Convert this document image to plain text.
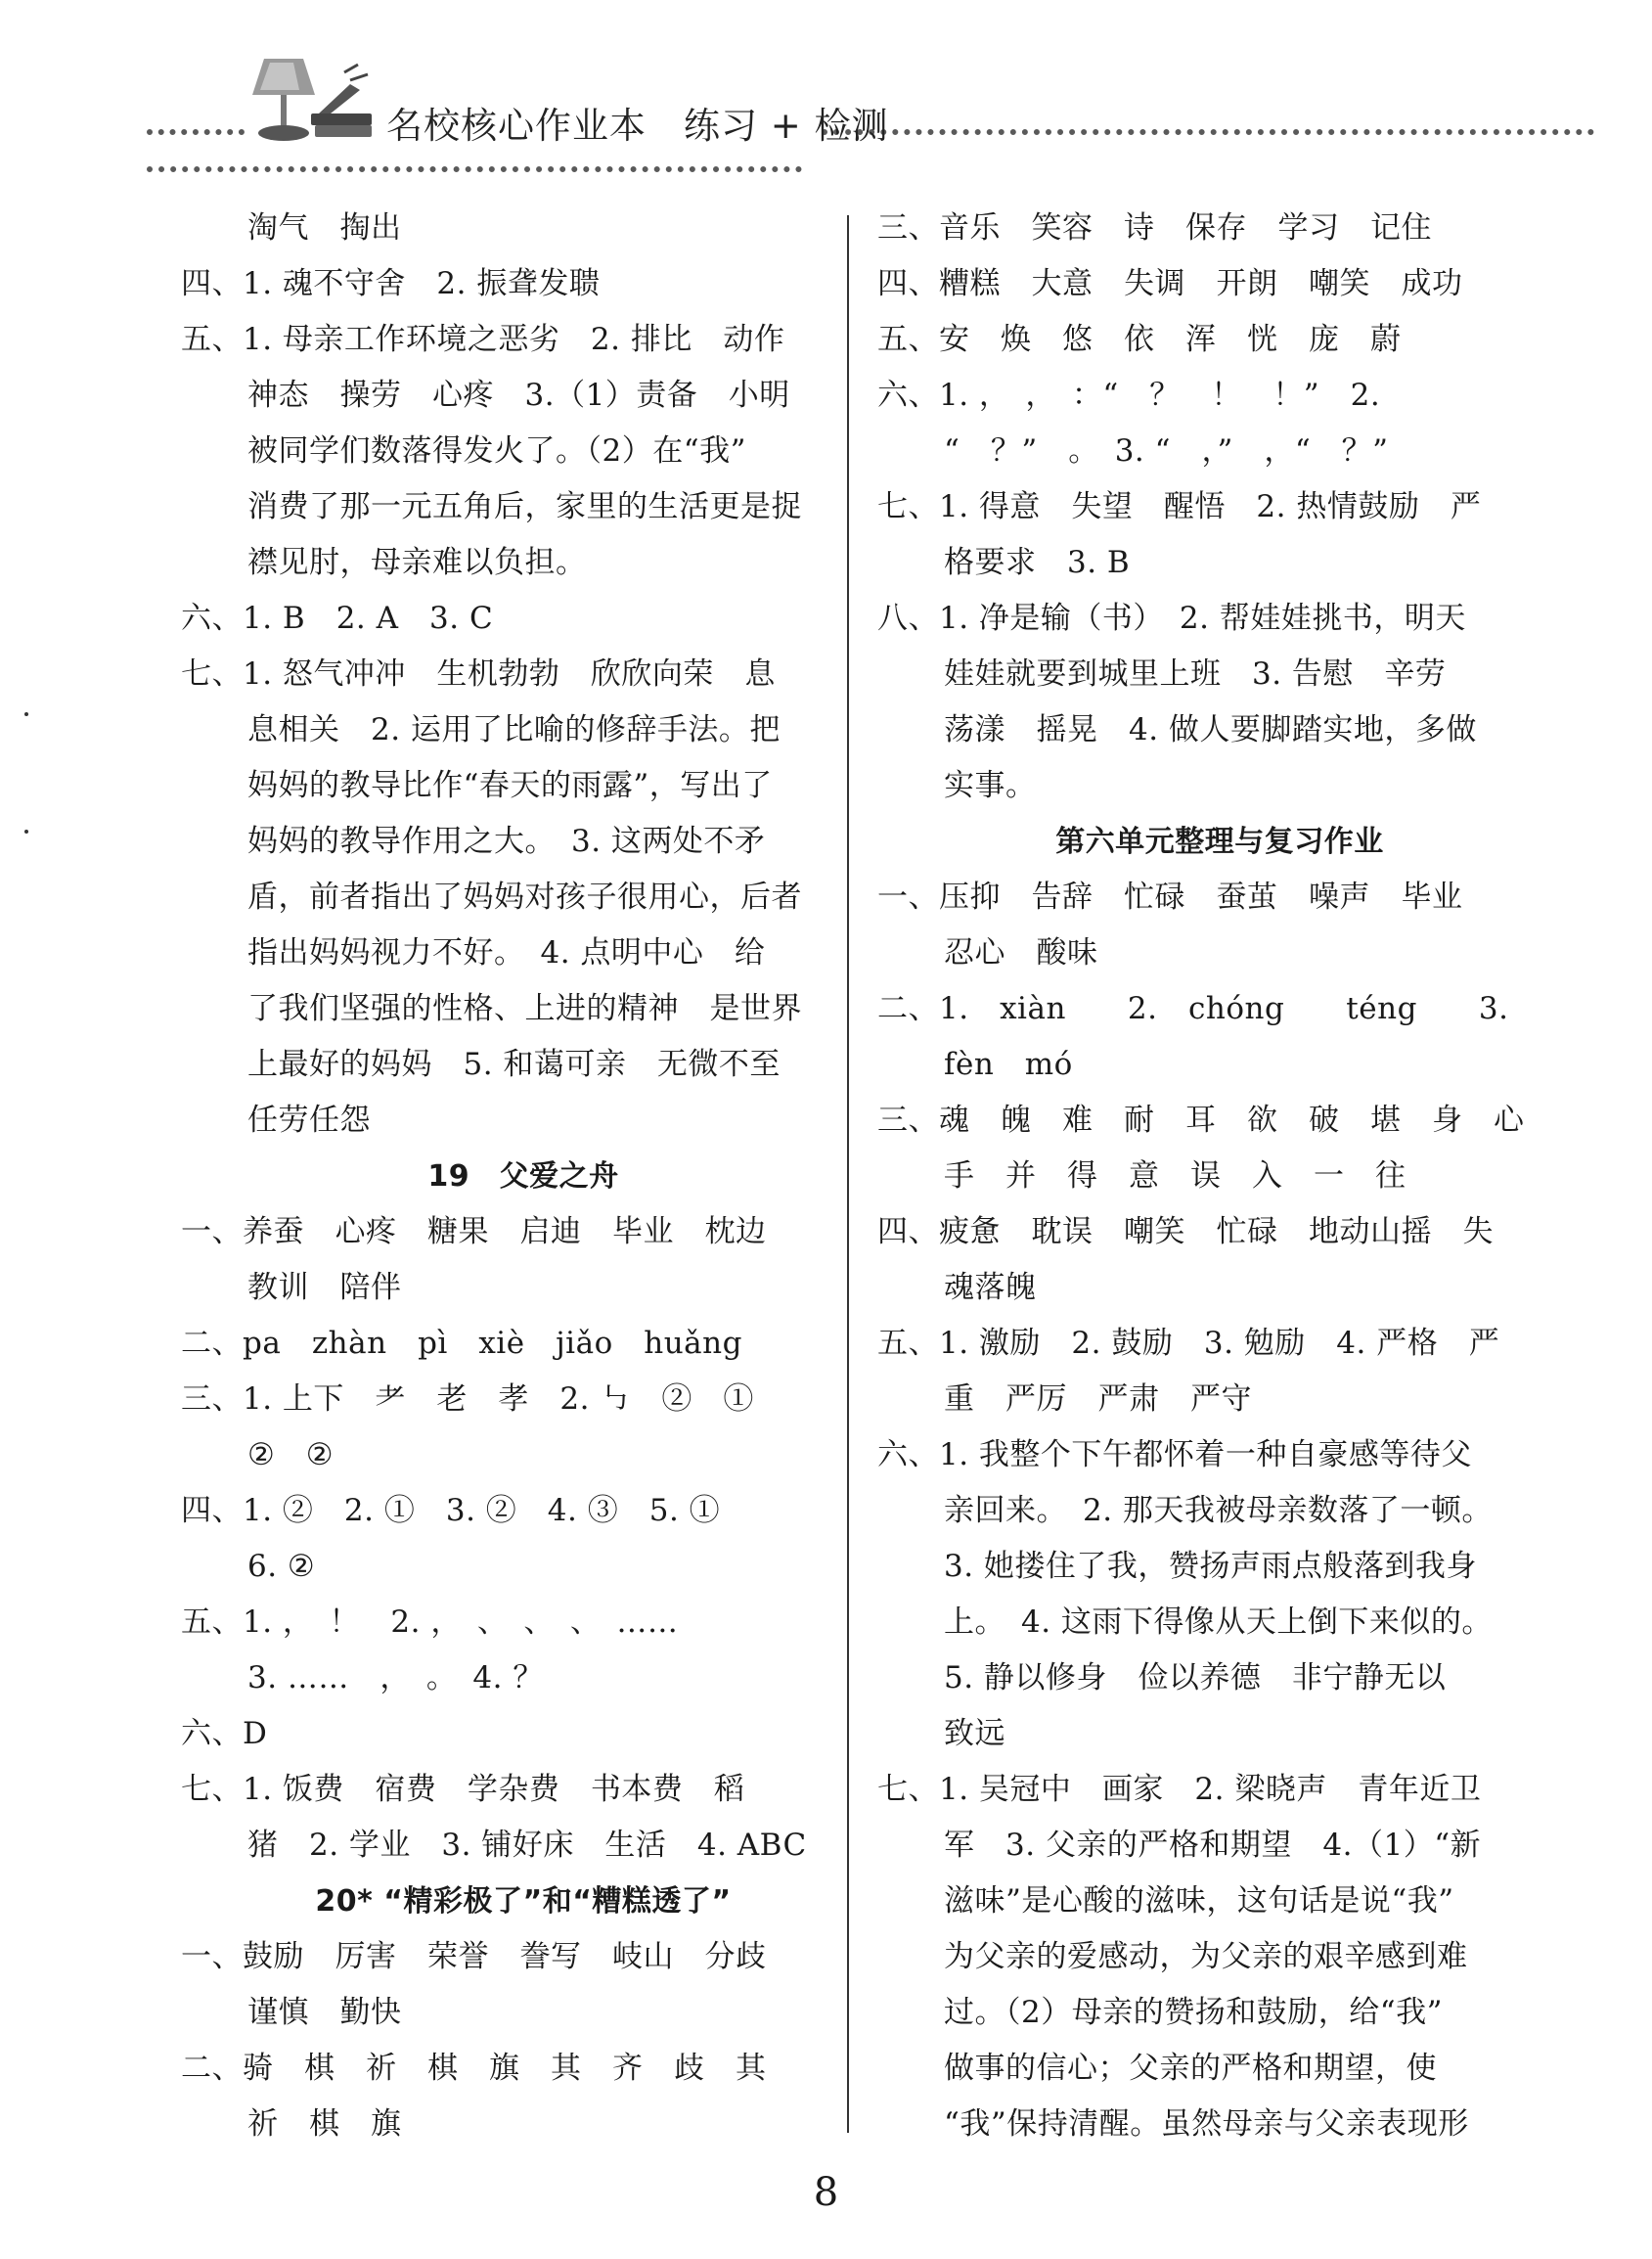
名校核心作业本　练习 + 检测
淘气　掏出
四、1. 魂不守舍　2. 振聋发聩
五、1. 母亲工作环境之恶劣　2. 排比　动作
神态　操劳　心疼　3.（1）责备　小明
被同学们数落得发火了。（2）在“我”
消费了那一元五角后，家里的生活更是捉
襟见肘，母亲难以负担。
六、1. B　2. A　3. C
七、1. 怒气冲冲　生机勃勃　欣欣向荣　息
息相关　2. 运用了比喻的修辞手法。把
妈妈的教导比作“春天的雨露”，写出了
妈妈的教导作用之大。　3. 这两处不矛
盾，前者指出了妈妈对孩子很用心，后者
指出妈妈视力不好。　4. 点明中心　给
了我们坚强的性格、上进的精神　是世界
上最好的妈妈　5. 和蔼可亲　无微不至
任劳任怨
19　父爱之舟
一、养蚕　心疼　糖果　启迪　毕业　枕边
教训　陪伴
二、pa　zhàn　pì　xiè　jiǎo　huǎng
三、1. 上下　耂　老　孝　2. ㇉　②　①
②　②
四、1. ②　2. ①　3. ②　4. ③　5. ①
6. ②
五、1. ，　！　2. ，　、　、　、　……
3. ……　，　。　4. ？
六、D
七、1. 饭费　宿费　学杂费　书本费　稻
猪　2. 学业　3. 铺好床　生活　4. ABC
20* “精彩极了”和“糟糕透了”
一、鼓励　厉害　荣誉　誊写　岐山　分歧
谨慎　勤快
二、骑　棋　祈　棋　旗　其　齐　歧　其
祈　棋　旗
三、音乐　笑容　诗　保存　学习　记住
四、糟糕　大意　失调　开朗　嘲笑　成功
五、安　焕　悠　依　浑　恍　庞　蔚
六、1. ，　，　：“　？　！　！”　2.
“　？”　。　3. “　，”　，“　？”
七、1. 得意　失望　醒悟　2. 热情鼓励　严
格要求　3. B
八、1. 净是输（书）　2. 帮娃娃挑书，明天
娃娃就要到城里上班　3. 告慰　辛劳
荡漾　摇晃　4. 做人要脚踏实地，多做
实事。
第六单元整理与复习作业
一、压抑　告辞　忙碌　蚕茧　噪声　毕业
忍心　酸味
二、1.　xiàn　　2.　chóng　　téng　　3.
fèn　mó
三、魂　魄　难　耐　耳　欲　破　堪　身　心
手　并　得　意　误　入　一　往
四、疲惫　耽误　嘲笑　忙碌　地动山摇　失
魂落魄
五、1. 激励　2. 鼓励　3. 勉励　4. 严格　严
重　严厉　严肃　严守
六、1. 我整个下午都怀着一种自豪感等待父
亲回来。　2. 那天我被母亲数落了一顿。
3. 她搂住了我，赞扬声雨点般落到我身
上。　4. 这雨下得像从天上倒下来似的。
5. 静以修身　俭以养德　非宁静无以
致远
七、1. 吴冠中　画家　2. 梁晓声　青年近卫
军　3. 父亲的严格和期望　4.（1）“新
滋味”是心酸的滋味，这句话是说“我”
为父亲的爱感动，为父亲的艰辛感到难
过。（2）母亲的赞扬和鼓励，给“我”
做事的信心；父亲的严格和期望，使
“我”保持清醒。虽然母亲与父亲表现形
8
